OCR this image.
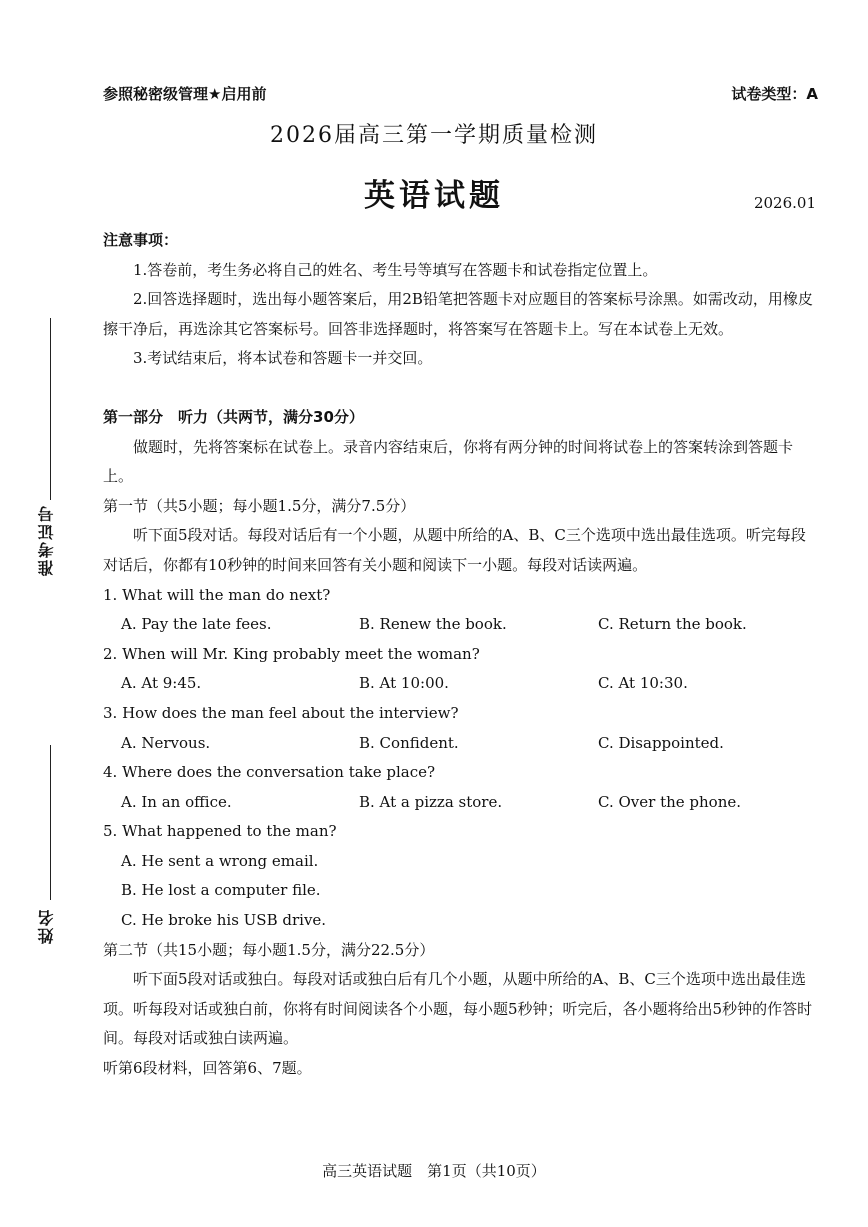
参照秘密级管理★启用前	试卷类型：A
2026届高三第一学期质量检测
英语试题	2026.01
准考证号
姓名

注意事项：

1.答卷前，考生务必将自己的姓名、考生号等填写在答题卡和试卷指定位置上。

2.回答选择题时，选出每小题答案后，用2B铅笔把答题卡对应题目的答案标号涂黑。如需改动，用橡皮擦干净后，再选涂其它答案标号。回答非选择题时，将答案写在答题卡上。写在本试卷上无效。

3.考试结束后，将本试卷和答题卡一并交回。

第一部分　听力（共两节，满分30分）

做题时，先将答案标在试卷上。录音内容结束后，你将有两分钟的时间将试卷上的答案转涂到答题卡上。

第一节（共5小题；每小题1.5分，满分7.5分）

听下面5段对话。每段对话后有一个小题，从题中所给的A、B、C三个选项中选出最佳选项。听完每段对话后，你都有10秒钟的时间来回答有关小题和阅读下一小题。每段对话读两遍。

1. What will the man do next?

A. Pay the late fees.	B. Renew the book.	C. Return the book.

2. When will Mr. King probably meet the woman?

A. At 9:45.	B. At 10:00.	C. At 10:30.

3. How does the man feel about the interview?

A. Nervous.	B. Confident.	C. Disappointed.

4. Where does the conversation take place?

A. In an office.	B. At a pizza store.	C. Over the phone.

5. What happened to the man?

A. He sent a wrong email.

B. He lost a computer file.

C. He broke his USB drive.

第二节（共15小题；每小题1.5分，满分22.5分）

听下面5段对话或独白。每段对话或独白后有几个小题，从题中所给的A、B、C三个选项中选出最佳选项。听每段对话或独白前，你将有时间阅读各个小题，每小题5秒钟；听完后，各小题将给出5秒钟的作答时间。每段对话或独白读两遍。

听第6段材料，回答第6、7题。

高三英语试题　第1页（共10页）
